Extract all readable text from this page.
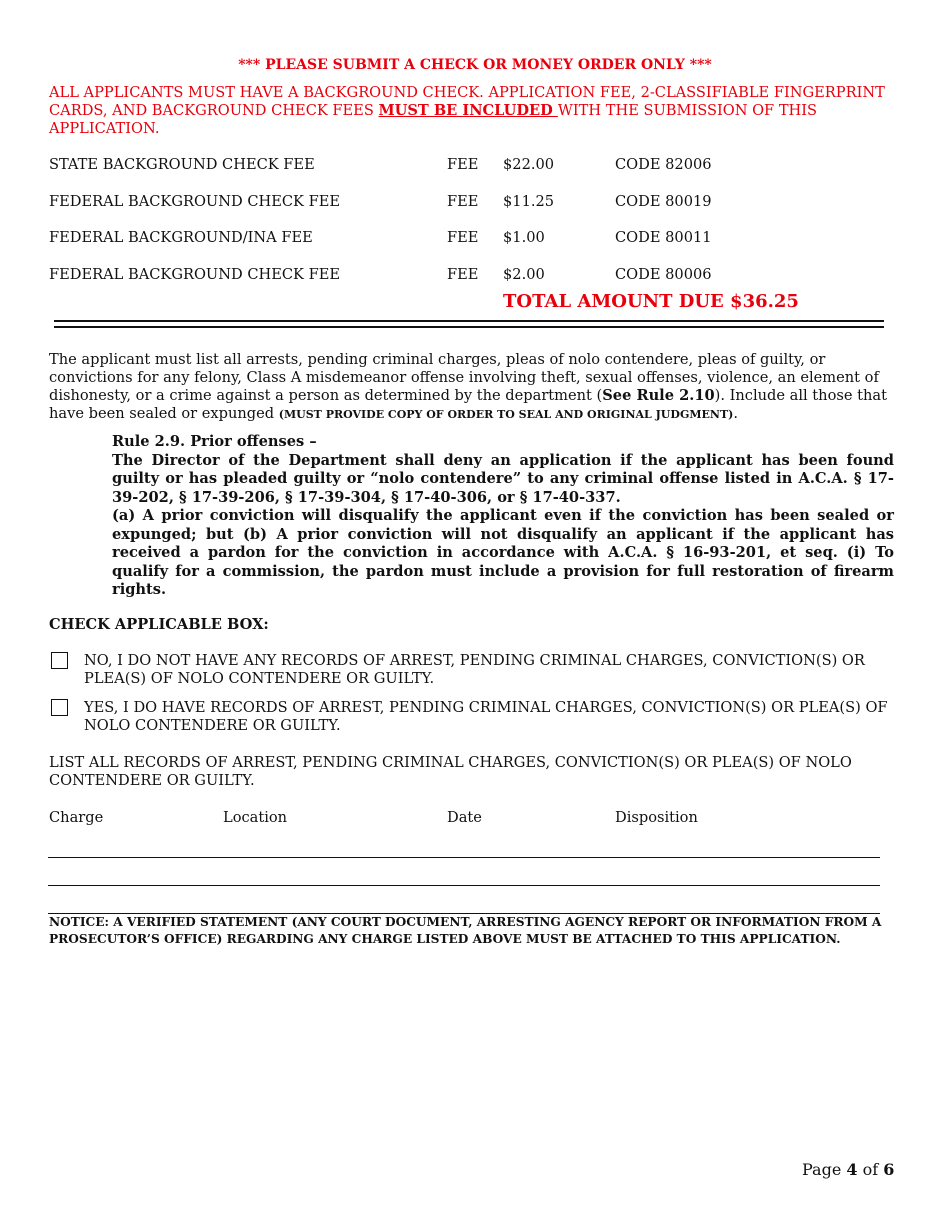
*** PLEASE SUBMIT A CHECK OR MONEY ORDER ONLY ***
ALL APPLICANTS MUST HAVE A BACKGROUND CHECK. APPLICATION FEE, 2-CLASSIFIABLE FINGERPRINT CARDS, AND BACKGROUND CHECK FEES MUST BE INCLUDED WITH THE SUBMISSION OF THIS APPLICATION.
STATE BACKGROUND CHECK FEE	FEE $22.00	CODE 82006
FEDERAL BACKGROUND CHECK FEE	FEE $11.25	CODE 80019
FEDERAL BACKGROUND/INA FEE	FEE $1.00	CODE 80011
FEDERAL BACKGROUND CHECK FEE	FEE $2.00	CODE 80006
TOTAL AMOUNT DUE $36.25
The applicant must list all arrests, pending criminal charges, pleas of nolo contendere, pleas of guilty, or convictions for any felony, Class A misdemeanor offense involving theft, sexual offenses, violence, an element of dishonesty, or a crime against a person as determined by the department (See Rule 2.10). Include all those that have been sealed or expunged (MUST PROVIDE COPY OF ORDER TO SEAL AND ORIGINAL JUDGMENT).

Rule 2.9. Prior offenses –

The Director of the Department shall deny an application if the applicant has been found guilty or has pleaded guilty or “nolo contendere” to any criminal offense listed in A.C.A. § 17-39-202, § 17-39-206, § 17-39-304, § 17-40-306, or § 17-40-337.

(a) A prior conviction will disqualify the applicant even if the conviction has been sealed or expunged; but (b) A prior conviction will not disqualify an applicant if the applicant has received a pardon for the conviction in accordance with A.C.A. § 16-93-201, et seq. (i) To qualify for a commission, the pardon must include a provision for full restoration of firearm rights.

CHECK APPLICABLE BOX:
NO, I DO NOT HAVE ANY RECORDS OF ARREST, PENDING CRIMINAL CHARGES, CONVICTION(S) OR PLEA(S) OF NOLO CONTENDERE OR GUILTY.
YES, I DO HAVE RECORDS OF ARREST, PENDING CRIMINAL CHARGES, CONVICTION(S) OR PLEA(S) OF NOLO CONTENDERE OR GUILTY.
LIST ALL RECORDS OF ARREST, PENDING CRIMINAL CHARGES, CONVICTION(S) OR PLEA(S) OF NOLO CONTENDERE OR GUILTY.
Charge	Location	Date	Disposition
NOTICE: A VERIFIED STATEMENT (ANY COURT DOCUMENT, ARRESTING AGENCY REPORT OR INFORMATION FROM A PROSECUTOR’S OFFICE) REGARDING ANY CHARGE LISTED ABOVE MUST BE ATTACHED TO THIS APPLICATION.
Page 4 of 6
